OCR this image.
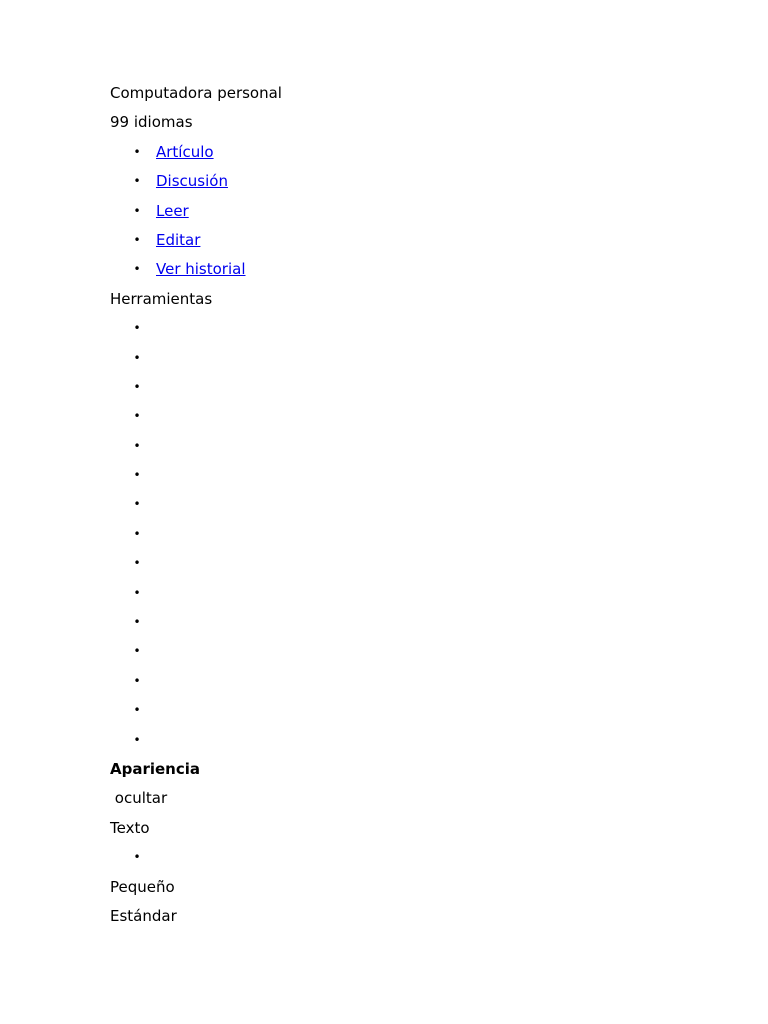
Computadora personal
99 idiomas
• Artículo
• Discusión
• Leer
• Editar
• Ver historial
Herramientas
•
•
•
•
•
•
•
•
•
•
•
•
•
•
•
Apariencia
ocultar
Texto
•
Pequeño
Estándar
